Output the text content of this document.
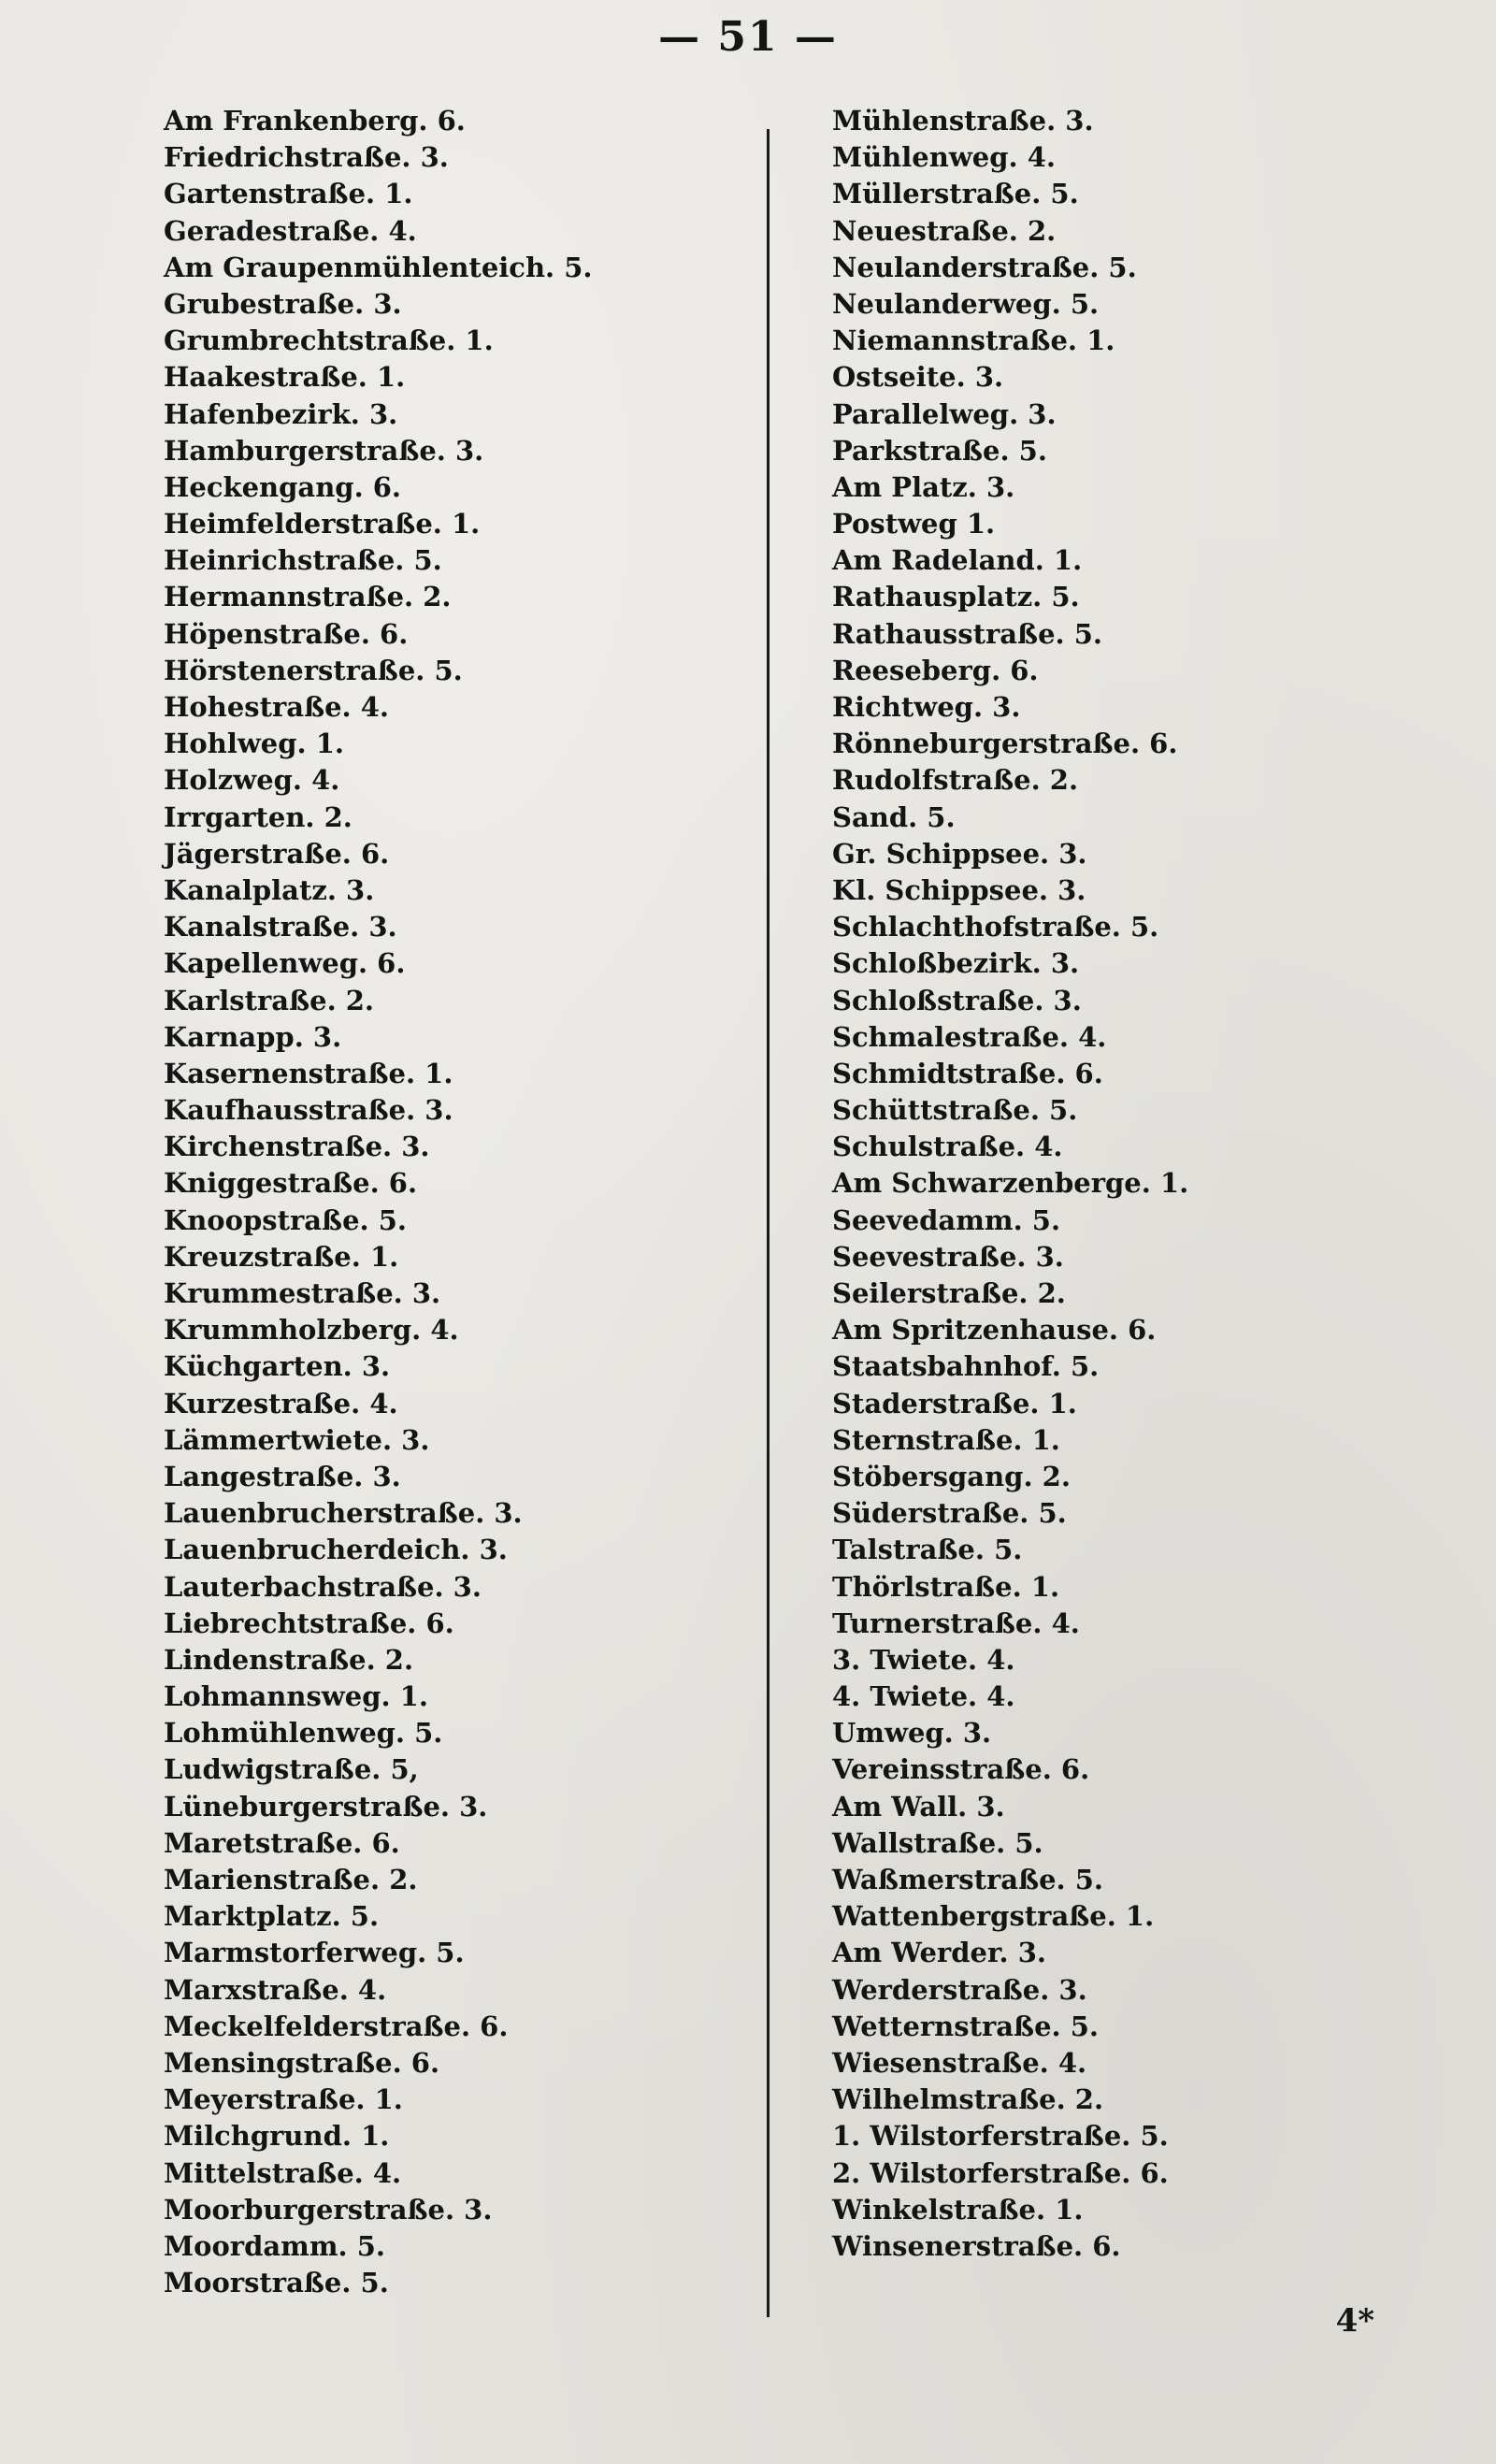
— 51 —
Am Frankenberg. 6.
Friedrichstraße. 3.
Gartenstraße. 1.
Geradestraße. 4.
Am Graupenmühlenteich. 5.
Grubestraße. 3.
Grumbrechtstraße. 1.
Haakestraße. 1.
Hafenbezirk. 3.
Hamburgerstraße. 3.
Heckengang. 6.
Heimfelderstraße. 1.
Heinrichstraße. 5.
Hermannstraße. 2.
Höpenstraße. 6.
Hörstenerstraße. 5.
Hohestraße. 4.
Hohlweg. 1.
Holzweg. 4.
Irrgarten. 2.
Jägerstraße. 6.
Kanalplatz. 3.
Kanalstraße. 3.
Kapellenweg. 6.
Karlstraße. 2.
Karnapp. 3.
Kasernenstraße. 1.
Kaufhausstraße. 3.
Kirchenstraße. 3.
Kniggestraße. 6.
Knoopstraße. 5.
Kreuzstraße. 1.
Krummestraße. 3.
Krummholzberg. 4.
Küchgarten. 3.
Kurzestraße. 4.
Lämmertwiete. 3.
Langestraße. 3.
Lauenbrucherstraße. 3.
Lauenbrucherdeich. 3.
Lauterbachstraße. 3.
Liebrechtstraße. 6.
Lindenstraße. 2.
Lohmannsweg. 1.
Lohmühlenweg. 5.
Ludwigstraße. 5,
Lüneburgerstraße. 3.
Maretstraße. 6.
Marienstraße. 2.
Marktplatz. 5.
Marmstorferweg. 5.
Marxstraße. 4.
Meckelfelderstraße. 6.
Mensingstraße. 6.
Meyerstraße. 1.
Milchgrund. 1.
Mittelstraße. 4.
Moorburgerstraße. 3.
Moordamm. 5.
Moorstraße. 5.
Mühlenstraße. 3.
Mühlenweg. 4.
Müllerstraße. 5.
Neuestraße. 2.
Neulanderstraße. 5.
Neulanderweg. 5.
Niemannstraße. 1.
Ostseite. 3.
Parallelweg. 3.
Parkstraße. 5.
Am Platz. 3.
Postweg 1.
Am Radeland. 1.
Rathausplatz. 5.
Rathausstraße. 5.
Reeseberg. 6.
Richtweg. 3.
Rönneburgerstraße. 6.
Rudolfstraße. 2.
Sand. 5.
Gr. Schippsee. 3.
Kl. Schippsee. 3.
Schlachthofstraße. 5.
Schloßbezirk. 3.
Schloßstraße. 3.
Schmalestraße. 4.
Schmidtstraße. 6.
Schüttstraße. 5.
Schulstraße. 4.
Am Schwarzenberge. 1.
Seevedamm. 5.
Seevestraße. 3.
Seilerstraße. 2.
Am Spritzenhause. 6.
Staatsbahnhof. 5.
Staderstraße. 1.
Sternstraße. 1.
Stöbersgang. 2.
Süderstraße. 5.
Talstraße. 5.
Thörlstraße. 1.
Turnerstraße. 4.
3. Twiete. 4.
4. Twiete. 4.
Umweg. 3.
Vereinsstraße. 6.
Am Wall. 3.
Wallstraße. 5.
Waßmerstraße. 5.
Wattenbergstraße. 1.
Am Werder. 3.
Werderstraße. 3.
Wetternstraße. 5.
Wiesenstraße. 4.
Wilhelmstraße. 2.
1. Wilstorferstraße. 5.
2. Wilstorferstraße. 6.
Winkelstraße. 1.
Winsenerstraße. 6.
4*
